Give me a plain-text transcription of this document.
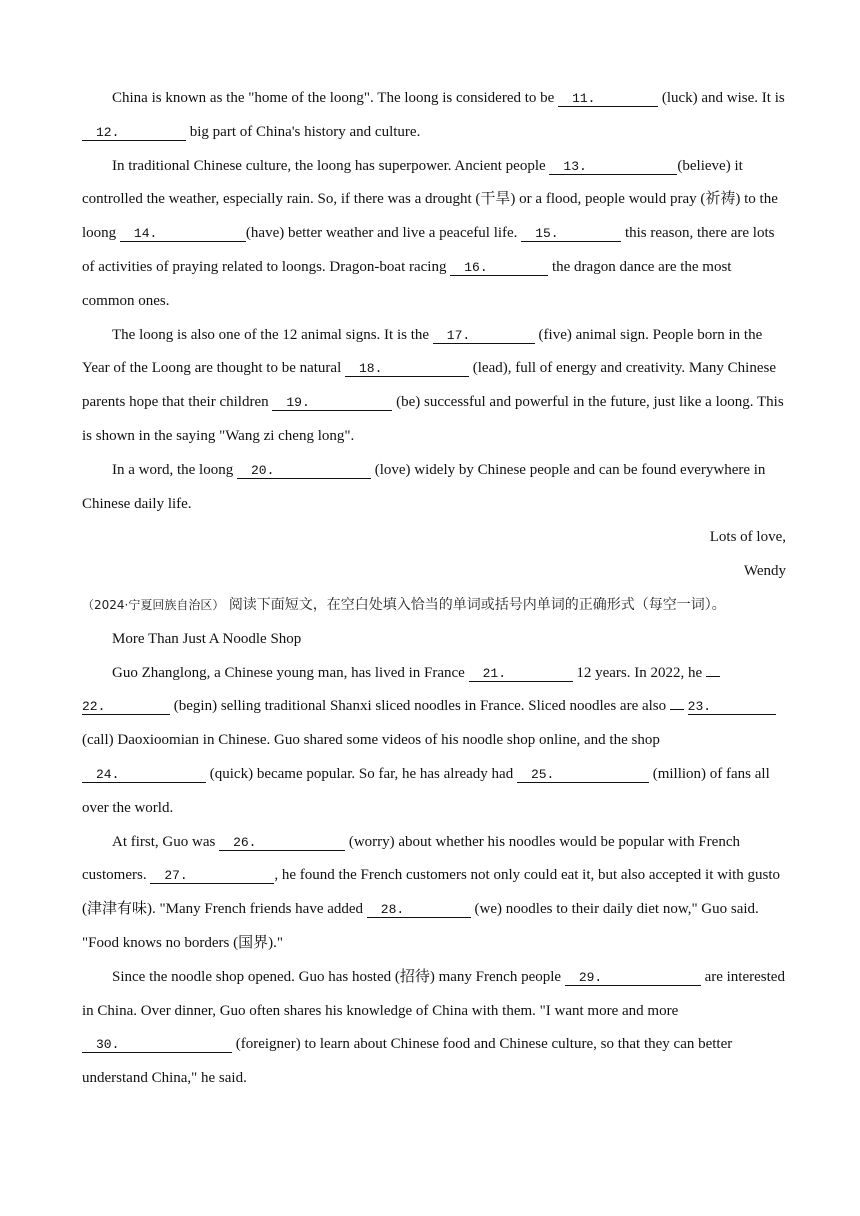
China is known as the "home of the loong". The loong is considered to be 11.	(luck) and wise. It is 12.	big part of China's history and culture.

In traditional Chinese culture, the loong has superpower. Ancient people 13.	(believe) it controlled the weather, especially rain. So, if there was a drought (干旱) or a flood, people would pray (祈祷) to the loong 14.	(have) better weather and live a peaceful life. 15.	this reason, there are lots of activities of praying related to loongs. Dragon-boat racing 16.	the dragon dance are the most common ones.

The loong is also one of the 12 animal signs. It is the 17.	(five) animal sign. People born in the Year of the Loong are thought to be natural 18.	(lead), full of energy and creativity. Many Chinese parents hope that their children 19.	(be) successful and powerful in the future, just like a loong. This is shown in the saying "Wang zi cheng long".

In a word, the loong 20.	(love) widely by Chinese people and can be found everywhere in Chinese daily life.

Lots of love,

Wendy

（2024·宁夏回族自治区） 阅读下面短文，在空白处填入恰当的单词或括号内单词的正确形式（每空一词）。

More Than Just A Noodle Shop

Guo Zhanglong, a Chinese young man, has lived in France 21.	12 years. In 2022, he  22.	(begin) selling traditional Shanxi sliced noodles in France. Sliced noodles are also 23. (call) Daoxioomian in Chinese. Guo shared some videos of his noodle shop online, and the shop 24.	(quick) became popular. So far, he has already had 25.	(million) of fans all over the world.

At first, Guo was 26.	(worry) about whether his noodles would be popular with French customers. 27.	, he found the French customers not only could eat it, but also accepted it with gusto (津津有味). "Many French friends have added 28.	(we) noodles to their daily diet now," Guo said. "Food knows no borders (国界)."

Since the noodle shop opened. Guo has hosted (招待) many French people 29.	are interested in China. Over dinner, Guo often shares his knowledge of China with them. "I want more and more 30.	(foreigner) to learn about Chinese food and Chinese culture, so that they can better understand China," he said.
